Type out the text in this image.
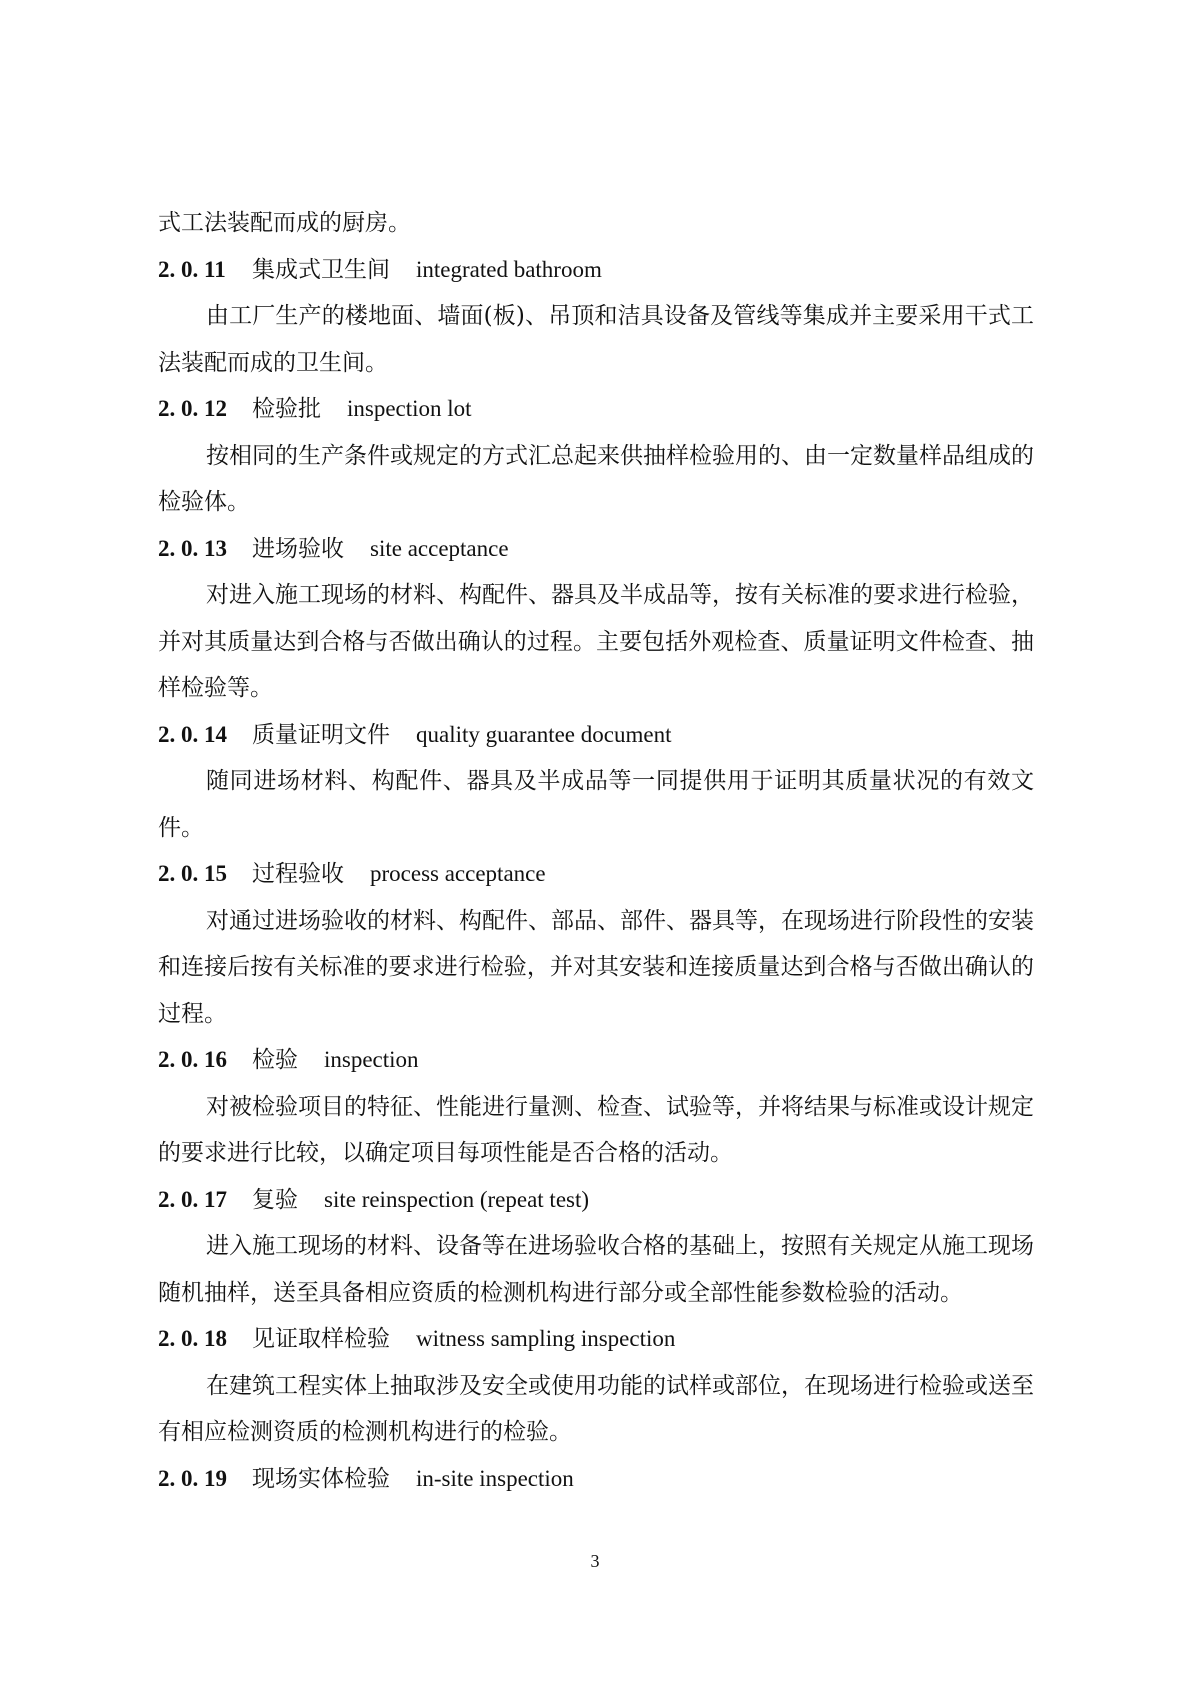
式工法装配而成的厨房。

2. 0. 11 集成式卫生间 integrated bathroom

由工厂生产的楼地面、墙面(板)、吊顶和洁具设备及管线等集成并主要采用干式工法装配而成的卫生间。

2. 0. 12 检验批 inspection lot

按相同的生产条件或规定的方式汇总起来供抽样检验用的、由一定数量样品组成的检验体。

2. 0. 13 进场验收 site acceptance

对进入施工现场的材料、构配件、器具及半成品等，按有关标准的要求进行检验，并对其质量达到合格与否做出确认的过程。主要包括外观检查、质量证明文件检查、抽样检验等。

2. 0. 14 质量证明文件 quality guarantee document

随同进场材料、构配件、器具及半成品等一同提供用于证明其质量状况的有效文件。

2. 0. 15 过程验收 process acceptance

对通过进场验收的材料、构配件、部品、部件、器具等，在现场进行阶段性的安装和连接后按有关标准的要求进行检验，并对其安装和连接质量达到合格与否做出确认的过程。

2. 0. 16 检验 inspection

对被检验项目的特征、性能进行量测、检查、试验等，并将结果与标准或设计规定的要求进行比较，以确定项目每项性能是否合格的活动。

2. 0. 17 复验 site reinspection (repeat test)

进入施工现场的材料、设备等在进场验收合格的基础上，按照有关规定从施工现场随机抽样，送至具备相应资质的检测机构进行部分或全部性能参数检验的活动。

2. 0. 18 见证取样检验 witness sampling inspection

在建筑工程实体上抽取涉及安全或使用功能的试样或部位，在现场进行检验或送至有相应检测资质的检测机构进行的检验。

2. 0. 19 现场实体检验 in-site inspection

3
